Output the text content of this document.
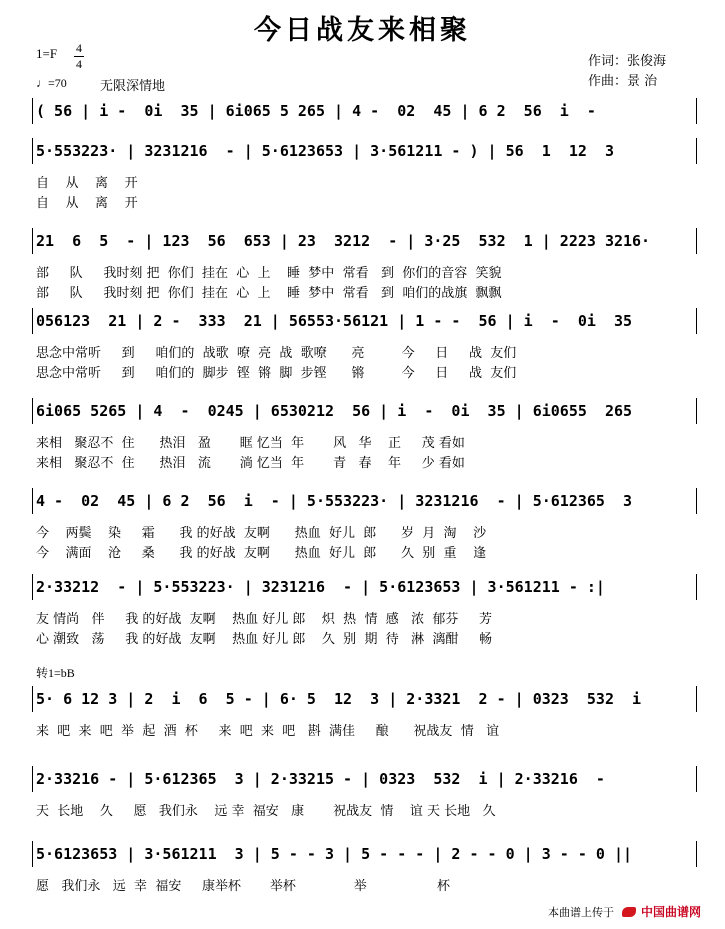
今日战友来相聚
1=F 4
4
♩=70	无限深情地
作词：张俊海
作曲：景 治
( 56 | i -  0i  35 | 6i065 5 265 | 4 -  02  45 | 6 2  56  i  -
5·553223· | 3231216  - | 5·6123653 | 3·561211 - ) | 56  1  12  3
自    从    离    开
自    从    离    开
21  6  5  - | 123  56  653 | 23  3212  - | 3·25  532  1 | 2223 3216·
部     队     我时刻 把  你们  挂在  心  上    睡  梦中  常看   到  你们的音容  笑貌
部     队     我时刻 把  你们  挂在  心  上    睡  梦中  常看   到  咱们的战旗  飘飘
056123  21 | 2 -  333  21 | 56553·56121 | 1 - -  56 | i  -  0i  35
思念中常听     到     咱们的  战歌  嘹  亮  战  歌嘹      亮         今     日     战  友们
思念中常听     到     咱们的  脚步  铿  锵  脚  步铿      锵         今     日     战  友们
6i065 5265 | 4  -  0245 | 6530212  56 | i  -  0i  35 | 6i0655  265
来相   聚忍不  住      热泪   盈       眶 忆当  年       风   华    正     茂 看如
来相   聚忍不  住      热泪   流       淌 忆当  年       青   春    年     少 看如
4 -  02  45 | 6 2  56  i  - | 5·553223· | 3231216  - | 5·612365  3
今    两鬓    染     霜      我 的好战  友啊      热血  好儿  郎      岁  月  淘    沙
今    满面    沧     桑      我 的好战  友啊      热血  好儿  郎      久  别  重    逢
2·33212  - | 5·553223· | 3231216  - | 5·6123653 | 3·561211 - :|
友 情尚   伴     我 的好战  友啊    热血 好儿 郎    炽  热  情  感   浓  郁芬     芳
心 潮致   荡     我 的好战  友啊    热血 好儿 郎    久  别  期  待   淋  漓酣     畅
5· 6 12 3 | 2  i  6  5 - | 6· 5  12  3 | 2·3321  2 - | 0323  532  i
来  吧  来  吧  举  起  酒  杯     来  吧  来  吧   斟  满佳     酿      祝战友  情   谊
2·33216 - | 5·612365  3 | 2·33215 - | 0323  532  i | 2·33216  -
天  长地    久     愿   我们永    远 幸  福安   康       祝战友  情    谊 天 长地   久
5·6123653 | 3·561211  3 | 5 - - 3 | 5 - - - | 2 - - 0 | 3 - - 0 ||
愿   我们永   远  幸  福安     康举杯       举杯              举                 杯
转1=bB
本曲谱上传于 中国曲谱网
